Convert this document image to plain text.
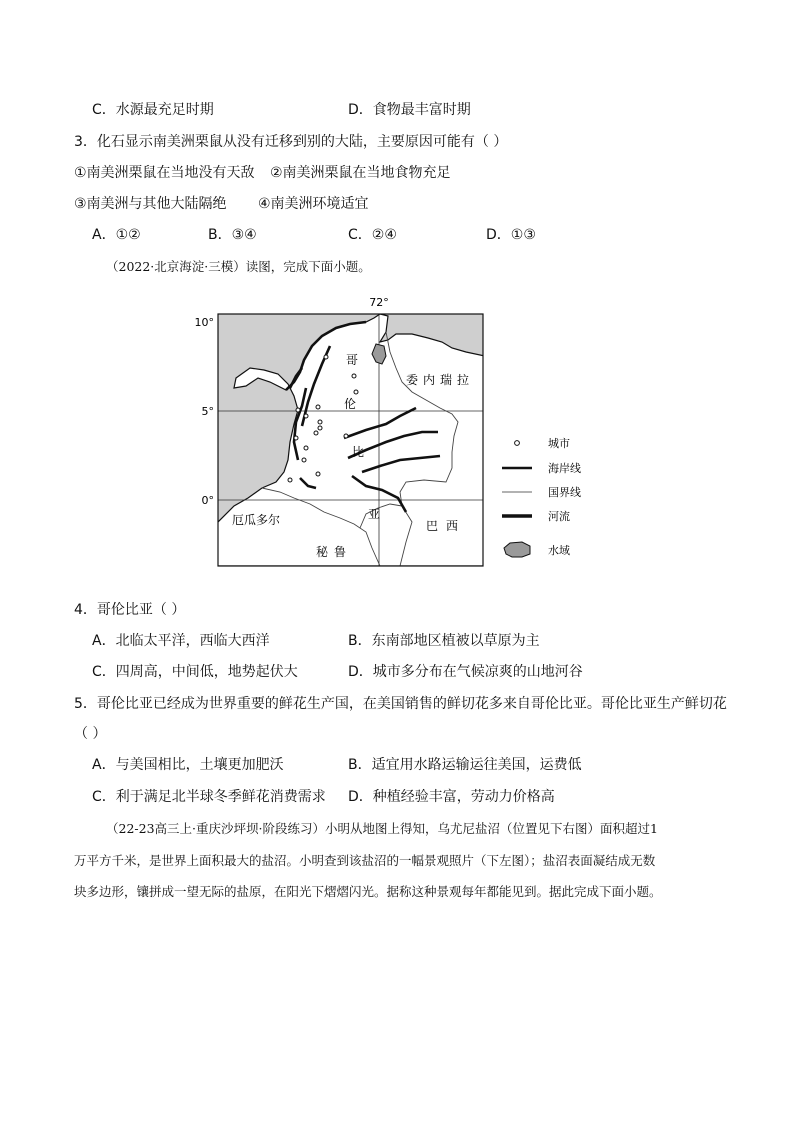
C．水源最充足时期	D．食物最丰富时期
3．化石显示南美洲栗鼠从没有迁移到别的大陆，主要原因可能有（ ）
①南美洲栗鼠在当地没有天敌 ②南美洲栗鼠在当地食物充足
③南美洲与其他大陆隔绝 ④南美洲环境适宜
A．①②	B．③④	C．②④	D．①③
（2022·北京海淀·三模）读图，完成下面小题。
72°
10°
5°
0°
哥
伦
比
亚
委内瑞拉
厄瓜多尔
秘鲁
巴西
城市
海岸线
国界线
河流
水域
4．哥伦比亚（ ）
A．北临太平洋，西临大西洋	B．东南部地区植被以草原为主
C．四周高，中间低，地势起伏大	D．城市多分布在气候凉爽的山地河谷
5．哥伦比亚已经成为世界重要的鲜花生产国，在美国销售的鲜切花多来自哥伦比亚。哥伦比亚生产鲜切花
（ ）
A．与美国相比，土壤更加肥沃	B．适宜用水路运输运往美国，运费低
C．利于满足北半球冬季鲜花消费需求 D．种植经验丰富，劳动力价格高
（22-23高三上·重庆沙坪坝·阶段练习）小明从地图上得知，乌尤尼盐沼（位置见下右图）面积超过1
万平方千米，是世界上面积最大的盐沼。小明查到该盐沼的一幅景观照片（下左图）；盐沼表面凝结成无数
块多边形，镶拼成一望无际的盐原，在阳光下熠熠闪光。据称这种景观每年都能见到。据此完成下面小题。
